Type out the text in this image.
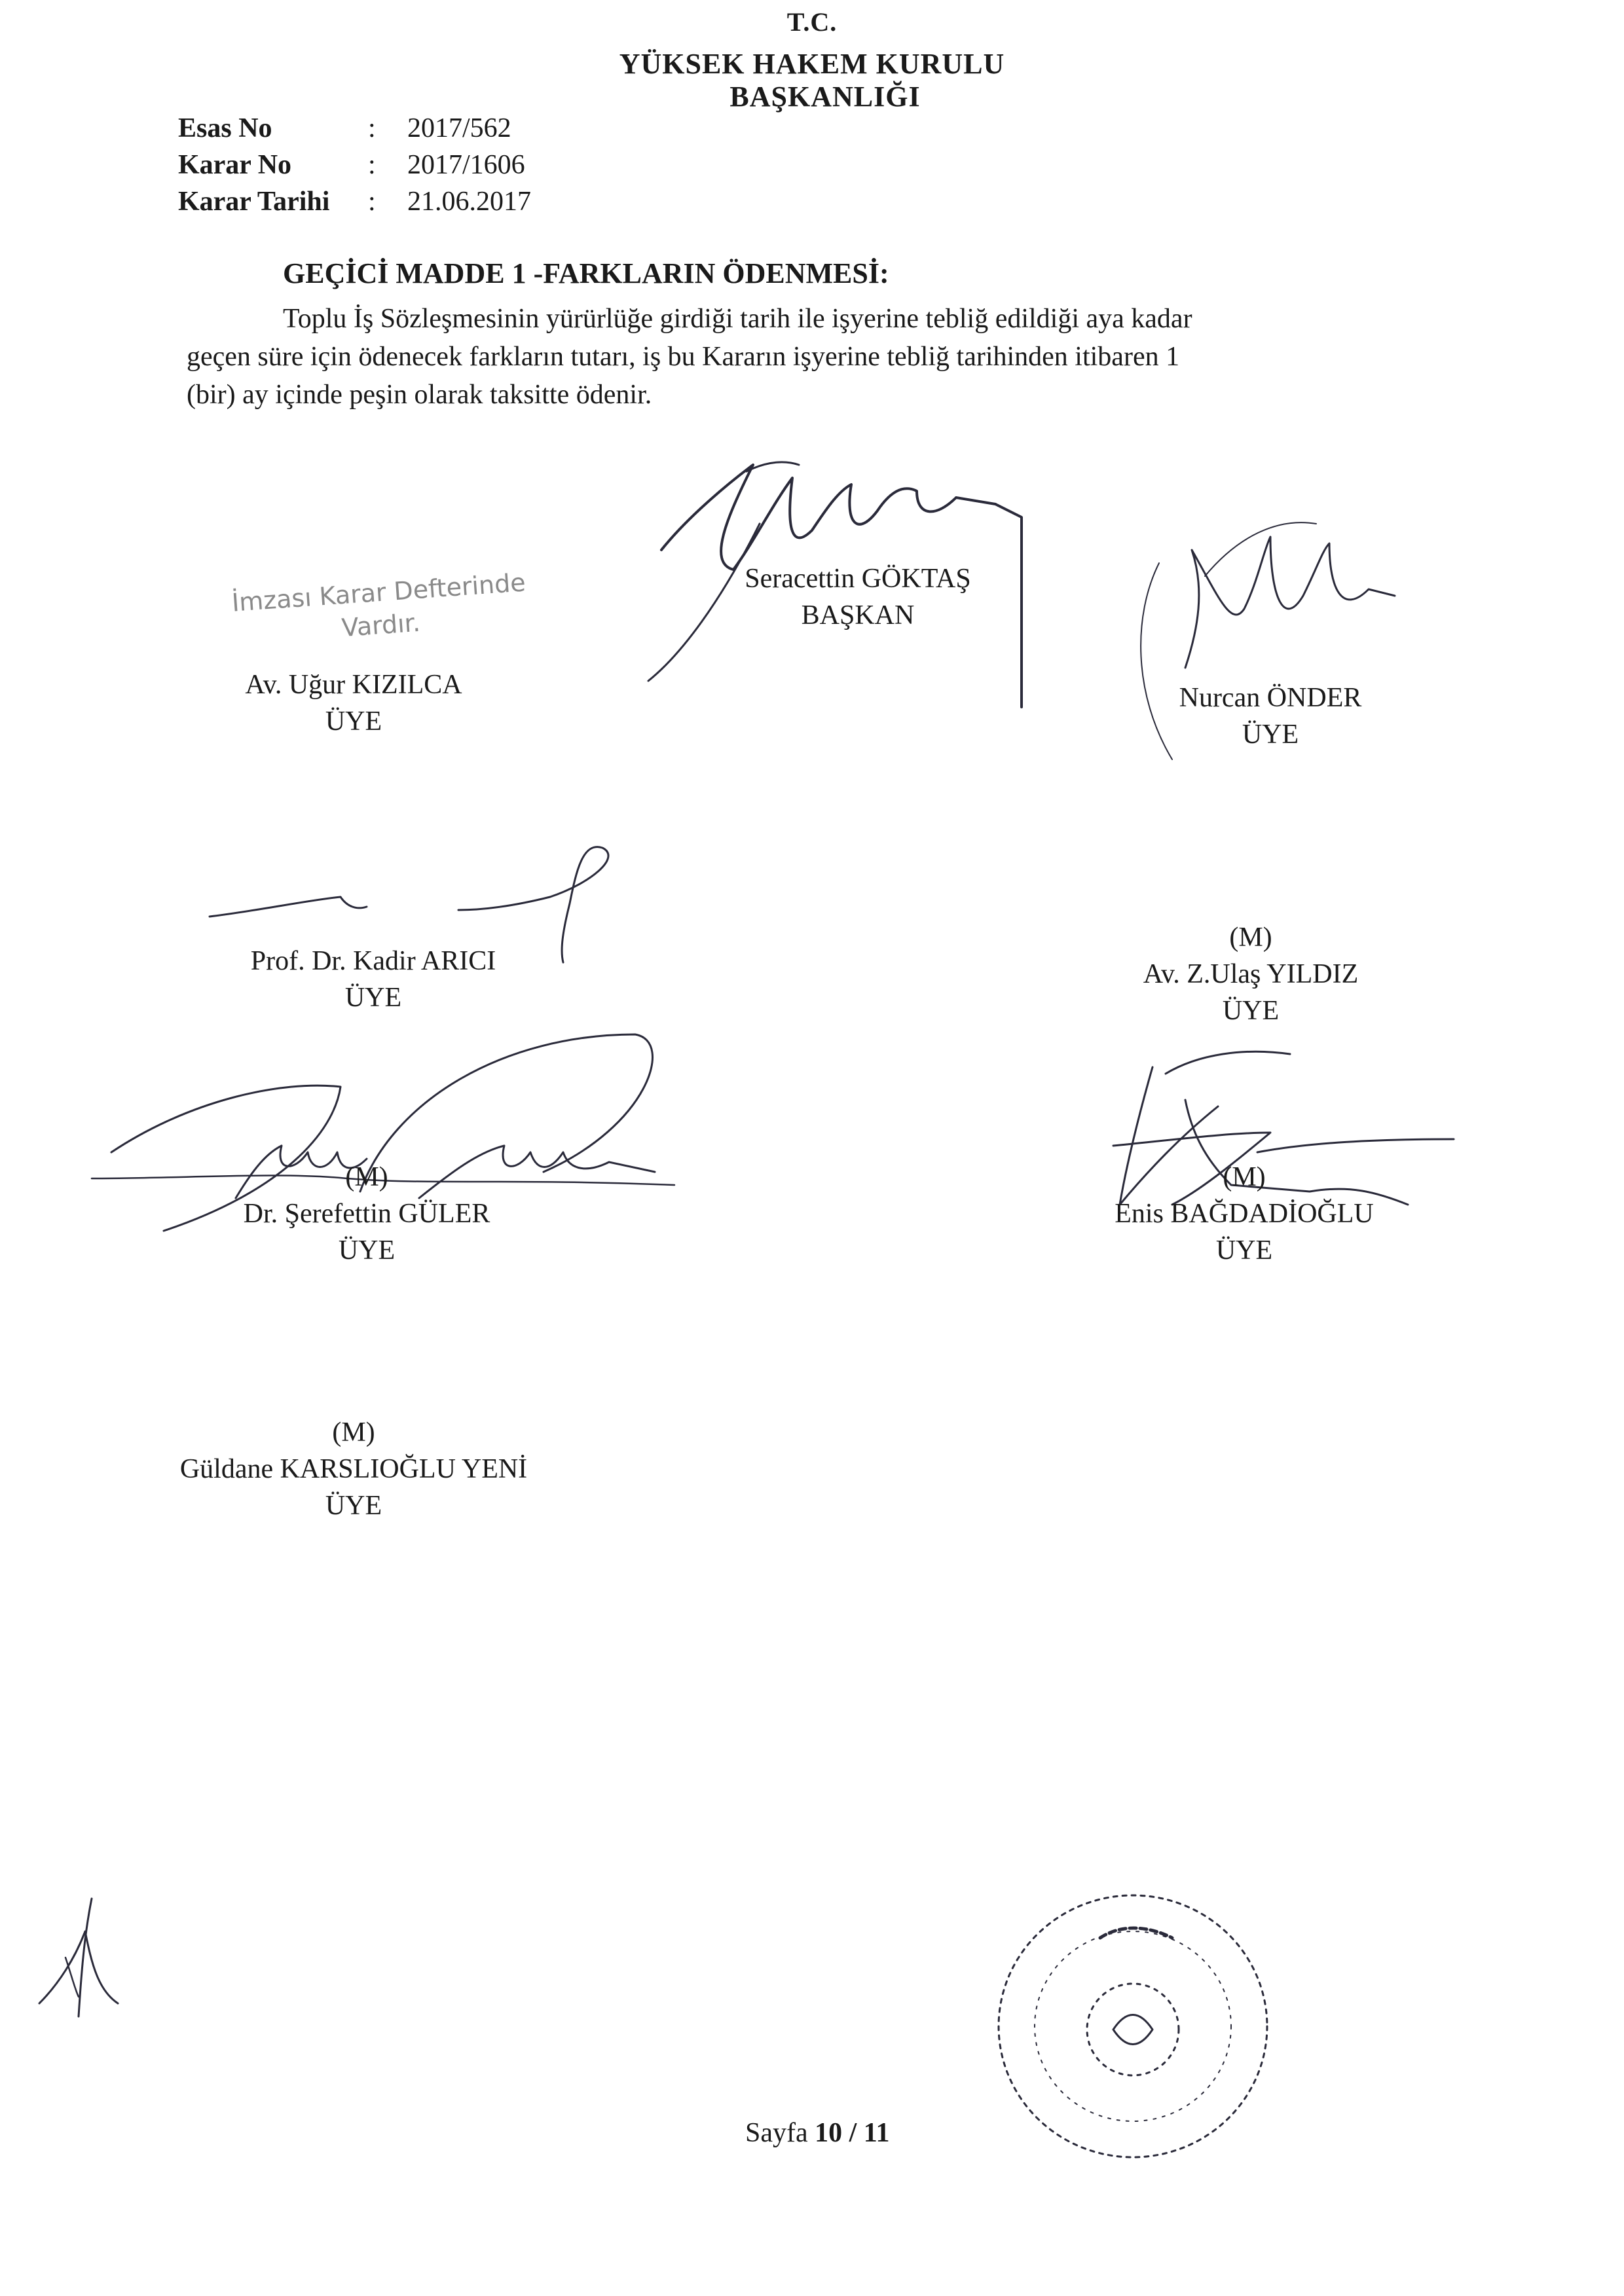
T.C.
YÜKSEK HAKEM KURULU
BAŞKANLIĞI
Esas No	: 2017/562
Karar No	: 2017/1606
Karar Tarihi : 21.06.2017
GEÇİCİ MADDE 1 -FARKLARIN ÖDENMESİ:
Toplu İş Sözleşmesinin yürürlüğe girdiği tarih ile işyerine tebliğ edildiği aya kadar
geçen süre için ödenecek farkların tutarı, iş bu Kararın işyerine tebliğ tarihinden itibaren 1
(bir) ay içinde peşin olarak taksitte ödenir.
Seracettin GÖKTAŞ
BAŞKAN
İmzası Karar Defterinde
Vardır.
Av. Uğur KIZILCA
ÜYE
Nurcan ÖNDER
ÜYE
Prof. Dr. Kadir ARICI
ÜYE
(M)
Av. Z.Ulaş YILDIZ
ÜYE
(M)
Dr. Şerefettin GÜLER
ÜYE
(M)
Enis BAĞDADİOĞLU
ÜYE
(M)
Güldane KARSLIOĞLU YENİ
ÜYE
Sayfa 10 / 11
